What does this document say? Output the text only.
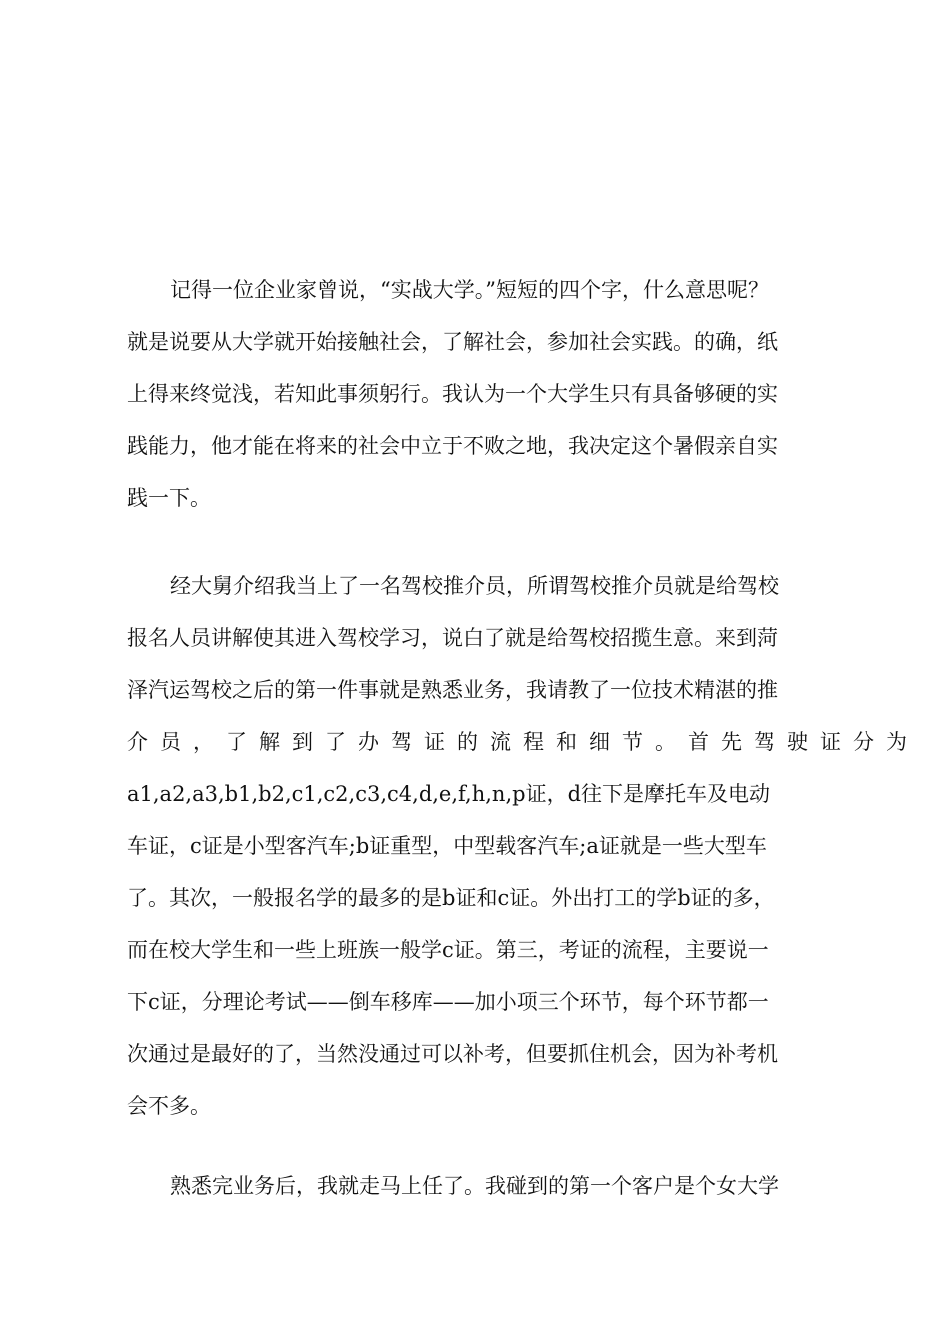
记得一位企业家曾说，“实战大学。”短短的四个字，什么意思呢？
就是说要从大学就开始接触社会，了解社会，参加社会实践。的确，纸
上得来终觉浅，若知此事须躬行。我认为一个大学生只有具备够硬的实
践能力，他才能在将来的社会中立于不败之地，我决定这个暑假亲自实
践一下。
经大舅介绍我当上了一名驾校推介员，所谓驾校推介员就是给驾校
报名人员讲解使其进入驾校学习，说白了就是给驾校招揽生意。来到菏
泽汽运驾校之后的第一件事就是熟悉业务，我请教了一位技术精湛的推
介员，了解到了办驾证的流程和细节。首先驾驶证分为
a1,a2,a3,b1,b2,c1,c2,c3,c4,d,e,f,h,n,p证，d往下是摩托车及电动
车证，c证是小型客汽车;b证重型，中型载客汽车;a证就是一些大型车
了。其次，一般报名学的最多的是b证和c证。外出打工的学b证的多，
而在校大学生和一些上班族一般学c证。第三，考证的流程，主要说一
下c证，分理论考试——倒车移库——加小项三个环节，每个环节都一
次通过是最好的了，当然没通过可以补考，但要抓住机会，因为补考机
会不多。
熟悉完业务后，我就走马上任了。我碰到的第一个客户是个女大学
